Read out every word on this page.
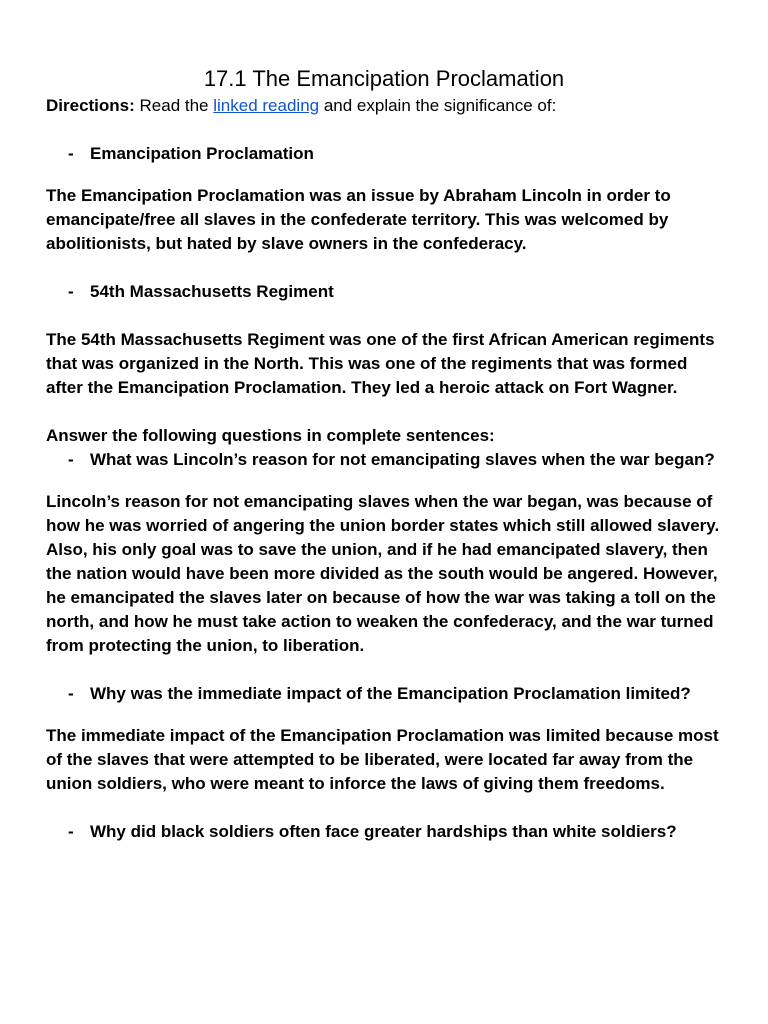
17.1 The Emancipation Proclamation

Directions: Read the linked reading and explain the significance of:

- Emancipation Proclamation

The Emancipation Proclamation was an issue by Abraham Lincoln in order to emancipate/free all slaves in the confederate territory. This was welcomed by abolitionists, but hated by slave owners in the confederacy.

- 54th Massachusetts Regiment

The 54th Massachusetts Regiment was one of the first African American regiments that was organized in the North. This was one of the regiments that was formed after the Emancipation Proclamation. They led a heroic attack on Fort Wagner.

Answer the following questions in complete sentences:

- What was Lincoln’s reason for not emancipating slaves when the war began?

Lincoln’s reason for not emancipating slaves when the war began, was because of how he was worried of angering the union border states which still allowed slavery. Also, his only goal was to save the union, and if he had emancipated slavery, then the nation would have been more divided as the south would be angered. However, he emancipated the slaves later on because of how the war was taking a toll on the north, and how he must take action to weaken the confederacy, and the war turned from protecting the union, to liberation.

- Why was the immediate impact of the Emancipation Proclamation limited?

The immediate impact of the Emancipation Proclamation was limited because most of the slaves that were attempted to be liberated, were located far away from the union soldiers, who were meant to inforce the laws of giving them freedoms.

- Why did black soldiers often face greater hardships than white soldiers?
